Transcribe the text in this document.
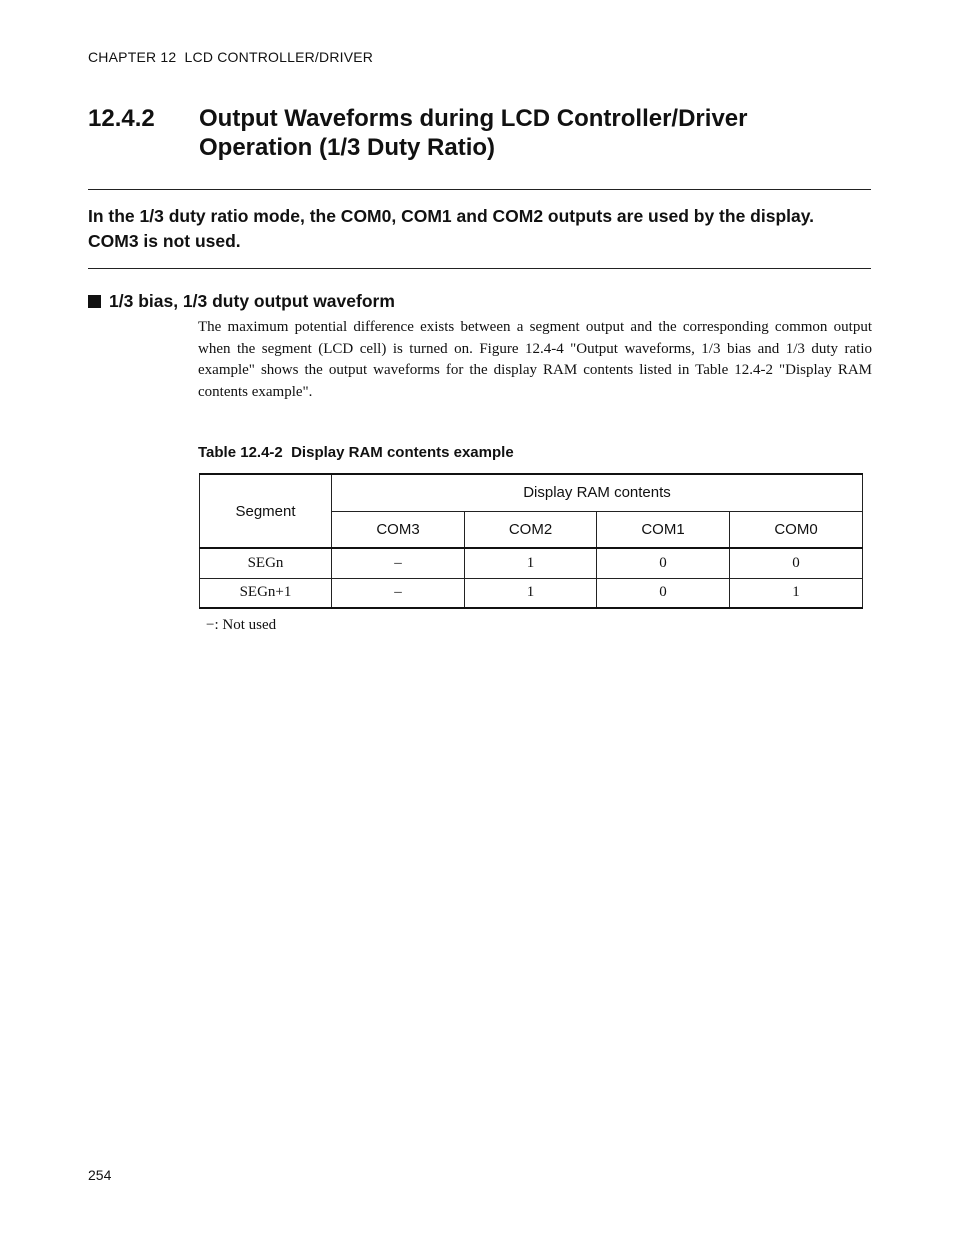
CHAPTER 12  LCD CONTROLLER/DRIVER
12.4.2 Output Waveforms during LCD Controller/Driver
Operation (1/3 Duty Ratio)
In the 1/3 duty ratio mode, the COM0, COM1 and COM2 outputs are used by the display.
COM3 is not used.
1/3 bias, 1/3 duty output waveform
The maximum potential difference exists between a segment output and the corresponding common output when the segment (LCD cell) is turned on. Figure 12.4-4 "Output waveforms, 1/3 bias and 1/3 duty ratio example" shows the output waveforms for the display RAM contents listed in Table 12.4-2 "Display RAM contents example".
Table 12.4-2  Display RAM contents example
Segment	Display RAM contents			
	COM3	COM2	COM1	COM0
SEGn	–	1	0	0
SEGn+1	–	1	0	1
−: Not used
254
